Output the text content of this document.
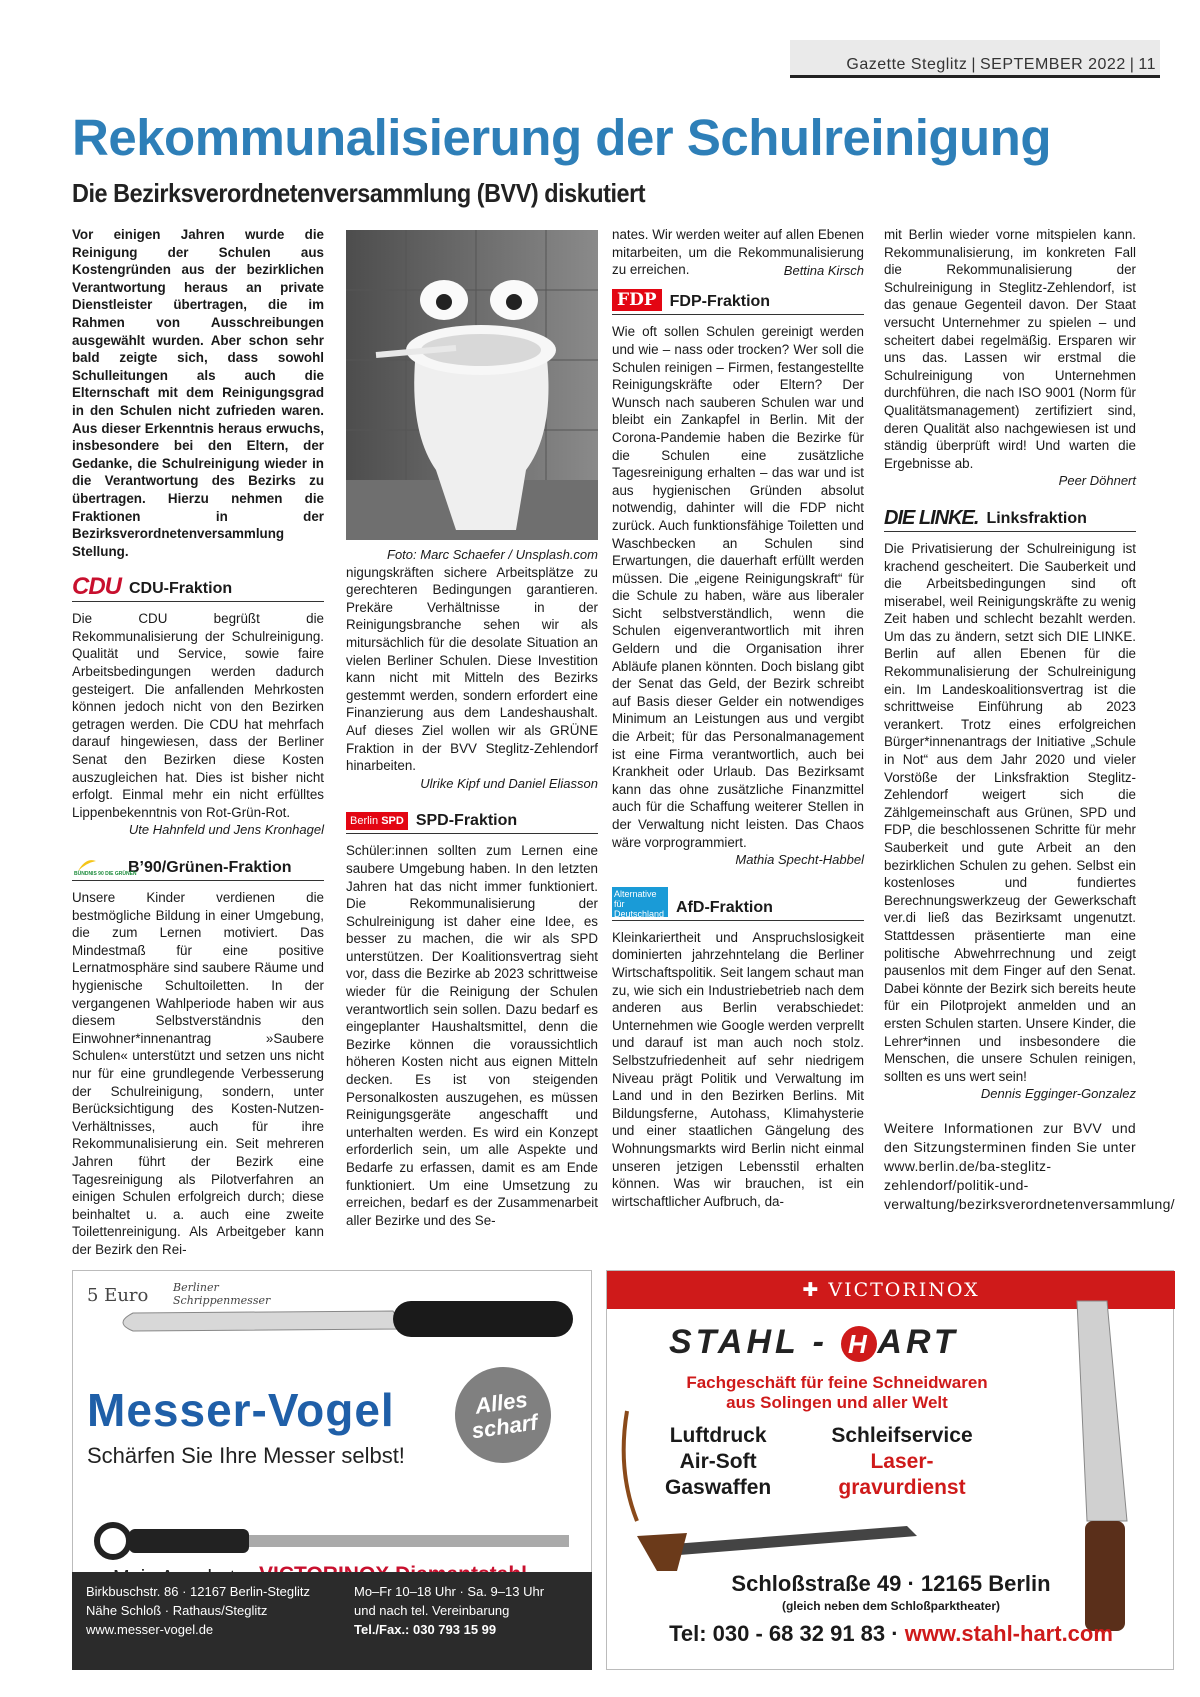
Gazette Steglitz | SEPTEMBER 2022 | 11
Rekommunalisierung der Schulreinigung
Die Bezirksverordnetenversammlung (BVV) diskutiert

Vor einigen Jahren wurde die Reinigung der Schulen aus Kostengründen aus der bezirklichen Verantwortung heraus an private Dienstleister übertragen, die im Rahmen von Ausschreibungen ausgewählt wurden. Aber schon sehr bald zeigte sich, dass sowohl Schulleitungen als auch die Elternschaft mit dem Reinigungsgrad in den Schulen nicht zufrieden waren. Aus dieser Erkenntnis heraus erwuchs, insbesondere bei den Eltern, der Gedanke, die Schulreinigung wieder in die Verantwortung des Bezirks zu übertragen. Hierzu nehmen die Fraktionen in der Bezirksverordnetenversammlung Stellung.

CDU CDU-Fraktion

Die CDU begrüßt die Rekommunalisierung der Schulreinigung. Qualität und Service, sowie faire Arbeitsbedingungen werden dadurch gesteigert. Die anfallenden Mehrkosten können jedoch nicht von den Bezirken getragen werden. Die CDU hat mehrfach darauf hingewiesen, dass der Berliner Senat den Bezirken diese Kosten auszugleichen hat. Dies ist bisher nicht erfolgt. Einmal mehr ein nicht erfülltes Lippenbekenntnis von Rot-Grün-Rot.

Ute Hahnfeld und Jens Kronhagel

BÜNDNIS 90 DIE GRÜNEN
B’90/Grünen-Fraktion

Unsere Kinder verdienen die bestmögliche Bildung in einer Umgebung, die zum Lernen motiviert. Das Mindestmaß für eine positive Lernatmosphäre sind saubere Räume und hygienische Schultoiletten. In der vergangenen Wahlperiode haben wir aus diesem Selbstverständnis den Einwohner*innenantrag »Saubere Schulen« unterstützt und setzen uns nicht nur für eine grundlegende Verbesserung der Schulreinigung, sondern, unter Berücksichtigung des Kosten-Nutzen-Verhältnisses, auch für ihre Rekommunalisierung ein. Seit mehreren Jahren führt der Bezirk eine Tagesreinigung als Pilotverfahren an einigen Schulen erfolgreich durch; diese beinhaltet u. a. auch eine zweite Toilettenreinigung. Als Arbeitgeber kann der Bezirk den Rei-

Foto: Marc Schaefer / Unsplash.com

nigungskräften sichere Arbeitsplätze zu gerechteren Bedingungen garantieren. Prekäre Verhältnisse in der Reinigungsbranche sehen wir als mitursächlich für die desolate Situation an vielen Berliner Schulen. Diese Investition kann nicht mit Mitteln des Bezirks gestemmt werden, sondern erfordert eine Finanzierung aus dem Landeshaushalt. Auf dieses Ziel wollen wir als GRÜNE Fraktion in der BVV Steglitz-Zehlendorf hinarbeiten.

Ulrike Kipf und Daniel Eliasson

Berlin SPD SPD-Fraktion

Schüler:innen sollten zum Lernen eine saubere Umgebung haben. In den letzten Jahren hat das nicht immer funktioniert. Die Rekommunalisierung der Schulreinigung ist daher eine Idee, es besser zu machen, die wir als SPD unterstützen. Der Koalitionsvertrag sieht vor, dass die Bezirke ab 2023 schrittweise wieder für die Reinigung der Schulen verantwortlich sein sollen. Dazu bedarf es eingeplanter Haushaltsmittel, denn die Bezirke können die voraussichtlich höheren Kosten nicht aus eignen Mitteln decken. Es ist von steigenden Personalkosten auszugehen, es müssen Reinigungsgeräte angeschafft und unterhalten werden. Es wird ein Konzept erforderlich sein, um alle Aspekte und Bedarfe zu erfassen, damit es am Ende funktioniert. Um eine Umsetzung zu erreichen, bedarf es der Zusammenarbeit aller Bezirke und des Se-

nates. Wir werden weiter auf allen Ebenen mitarbeiten, um die Rekommunalisierung zu erreichen.	Bettina Kirsch

FDP FDP-Fraktion

Wie oft sollen Schulen gereinigt werden und wie – nass oder trocken? Wer soll die Schulen reinigen – Firmen, festangestellte Reinigungskräfte oder Eltern? Der Wunsch nach sauberen Schulen war und bleibt ein Zankapfel in Berlin. Mit der Corona-Pandemie haben die Bezirke für die Schulen eine zusätzliche Tagesreinigung erhalten – das war und ist aus hygienischen Gründen absolut notwendig, dahinter will die FDP nicht zurück. Auch funktionsfähige Toiletten und Waschbecken an Schulen sind Erwartungen, die dauerhaft erfüllt werden müssen. Die „eigene Reinigungskraft“ für die Schule zu haben, wäre aus liberaler Sicht selbstverständlich, wenn die Schulen eigenverantwortlich mit ihren Geldern und die Organisation ihrer Abläufe planen könnten. Doch bislang gibt der Senat das Geld, der Bezirk schreibt auf Basis dieser Gelder ein notwendiges Minimum an Leistungen aus und vergibt die Arbeit; für das Personalmanagement ist eine Firma verantwortlich, auch bei Krankheit oder Urlaub. Das Bezirksamt kann das ohne zusätzliche Finanzmittel auch für die Schaffung weiterer Stellen in der Verwaltung nicht leisten. Das Chaos wäre vorprogrammiert.

Mathia Specht-Habbel

Alternative für Deutschland AfD-Fraktion

Kleinkariertheit und Anspruchslosigkeit dominierten jahrzehntelang die Berliner Wirtschaftspolitik. Seit langem schaut man zu, wie sich ein Industriebetrieb nach dem anderen aus Berlin verabschiedet: Unternehmen wie Google werden verprellt und darauf ist man auch noch stolz. Selbstzufriedenheit auf sehr niedrigem Niveau prägt Politik und Verwaltung im Land und in den Bezirken Berlins. Mit Bildungsferne, Autohass, Klimahysterie und einer staatlichen Gängelung des Wohnungsmarkts wird Berlin nicht einmal unseren jetzigen Lebensstil erhalten können. Was wir brauchen, ist ein wirtschaftlicher Aufbruch, da-

mit Berlin wieder vorne mitspielen kann. Rekommunalisierung, im konkreten Fall die Rekommunalisierung der Schulreinigung in Steglitz-Zehlendorf, ist das genaue Gegenteil davon. Der Staat versucht Unternehmer zu spielen – und scheitert dabei regelmäßig. Ersparen wir uns das. Lassen wir erstmal die Schulreinigung von Unternehmen durchführen, die nach ISO 9001 (Norm für Qualitätsmanagement) zertifiziert sind, deren Qualität also nachgewiesen ist und ständig überprüft wird! Und warten die Ergebnisse ab.

Peer Döhnert

DIE LINKE. Linksfraktion

Die Privatisierung der Schulreinigung ist krachend gescheitert. Die Sauberkeit und die Arbeitsbedingungen sind oft miserabel, weil Reinigungskräfte zu wenig Zeit haben und schlecht bezahlt werden. Um das zu ändern, setzt sich DIE LINKE. Berlin auf allen Ebenen für die Rekommunalisierung der Schulreinigung ein. Im Landeskoalitionsvertrag ist die schrittweise Einführung ab 2023 verankert. Trotz eines erfolgreichen Bürger*innenantrags der Initiative „Schule in Not“ aus dem Jahr 2020 und vieler Vorstöße der Linksfraktion Steglitz-Zehlendorf weigert sich die Zählgemeinschaft aus Grünen, SPD und FDP, die beschlossenen Schritte für mehr Sauberkeit und gute Arbeit an den bezirklichen Schulen zu gehen. Selbst ein kostenloses und fundiertes Berechnungswerkzeug der Gewerkschaft ver.di ließ das Bezirksamt ungenutzt. Stattdessen präsentierte man eine politische Abwehrrechnung und zeigt pausenlos mit dem Finger auf den Senat. Dabei könnte der Bezirk sich bereits heute für ein Pilotprojekt anmelden und an ersten Schulen starten. Unsere Kinder, die Lehrer*innen und insbesondere die Menschen, die unsere Schulen reinigen, sollten es uns wert sein!

Dennis Egginger-Gonzalez

Weitere Informationen zur BVV und den Sitzungsterminen finden Sie unter www.berlin.de/ba-steglitz-zehlendorf/politik-und-verwaltung/bezirksverordnetenversammlung/

5 Euro Berliner
Schrippenmesser
Messer-Vogel
Schärfen Sie Ihre Messer selbst!
Alles
scharf
Birkbuschstr. 86 · 12167 Berlin-Steglitz
Nähe Schloß · Rathaus/Steglitz
www.messer-vogel.de
Mo–Fr 10–18 Uhr · Sa. 9–13 Uhr
und nach tel. Vereinbarung
Tel./Fax.: 030 793 15 99
✚ VICTORINOX
STAHL - H ART
Fachgeschäft für feine Schneidwaren
aus Solingen und aller Welt
Luftdruck
Air-Soft
Gaswaffen
Schleifservice
Laser-
gravurdienst
Schloßstraße 49 · 12165 Berlin
(gleich neben dem Schloßparktheater)
Tel: 030 - 68 32 91 83 · www.stahl-hart.com
